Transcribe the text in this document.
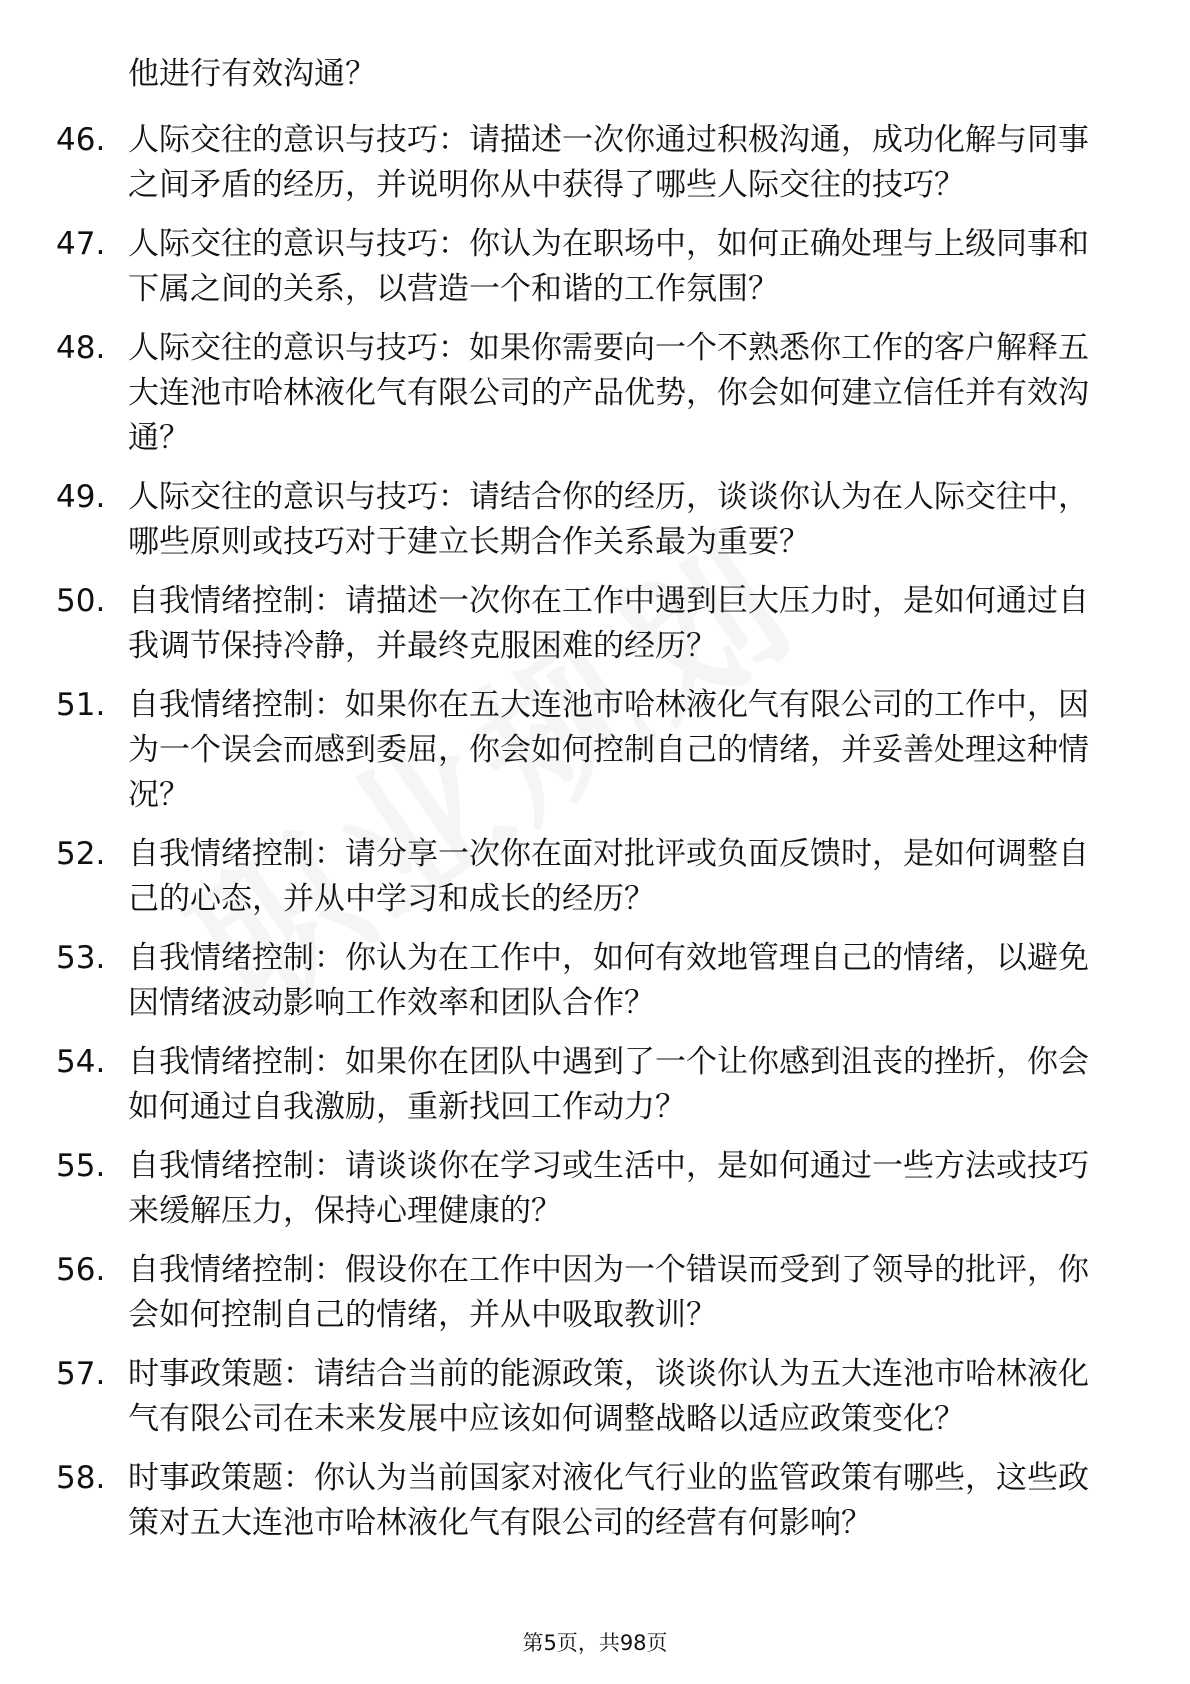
他进行有效沟通？

46. 人际交往的意识与技巧：请描述一次你通过积极沟通，成功化解与同事之间矛盾的经历，并说明你从中获得了哪些人际交往的技巧？
47. 人际交往的意识与技巧：你认为在职场中，如何正确处理与上级同事和下属之间的关系，以营造一个和谐的工作氛围？
48. 人际交往的意识与技巧：如果你需要向一个不熟悉你工作的客户解释五大连池市哈林液化气有限公司的产品优势，你会如何建立信任并有效沟通？
49. 人际交往的意识与技巧：请结合你的经历，谈谈你认为在人际交往中，哪些原则或技巧对于建立长期合作关系最为重要？
50. 自我情绪控制：请描述一次你在工作中遇到巨大压力时，是如何通过自我调节保持冷静，并最终克服困难的经历？
51. 自我情绪控制：如果你在五大连池市哈林液化气有限公司的工作中，因为一个误会而感到委屈，你会如何控制自己的情绪，并妥善处理这种情况？
52. 自我情绪控制：请分享一次你在面对批评或负面反馈时，是如何调整自己的心态，并从中学习和成长的经历？
53. 自我情绪控制：你认为在工作中，如何有效地管理自己的情绪，以避免因情绪波动影响工作效率和团队合作？
54. 自我情绪控制：如果你在团队中遇到了一个让你感到沮丧的挫折，你会如何通过自我激励，重新找回工作动力？
55. 自我情绪控制：请谈谈你在学习或生活中，是如何通过一些方法或技巧来缓解压力，保持心理健康的？
56. 自我情绪控制：假设你在工作中因为一个错误而受到了领导的批评，你会如何控制自己的情绪，并从中吸取教训？
57. 时事政策题：请结合当前的能源政策，谈谈你认为五大连池市哈林液化气有限公司在未来发展中应该如何调整战略以适应政策变化？
58. 时事政策题：你认为当前国家对液化气行业的监管政策有哪些，这些政策对五大连池市哈林液化气有限公司的经营有何影响？
第5页，共98页
